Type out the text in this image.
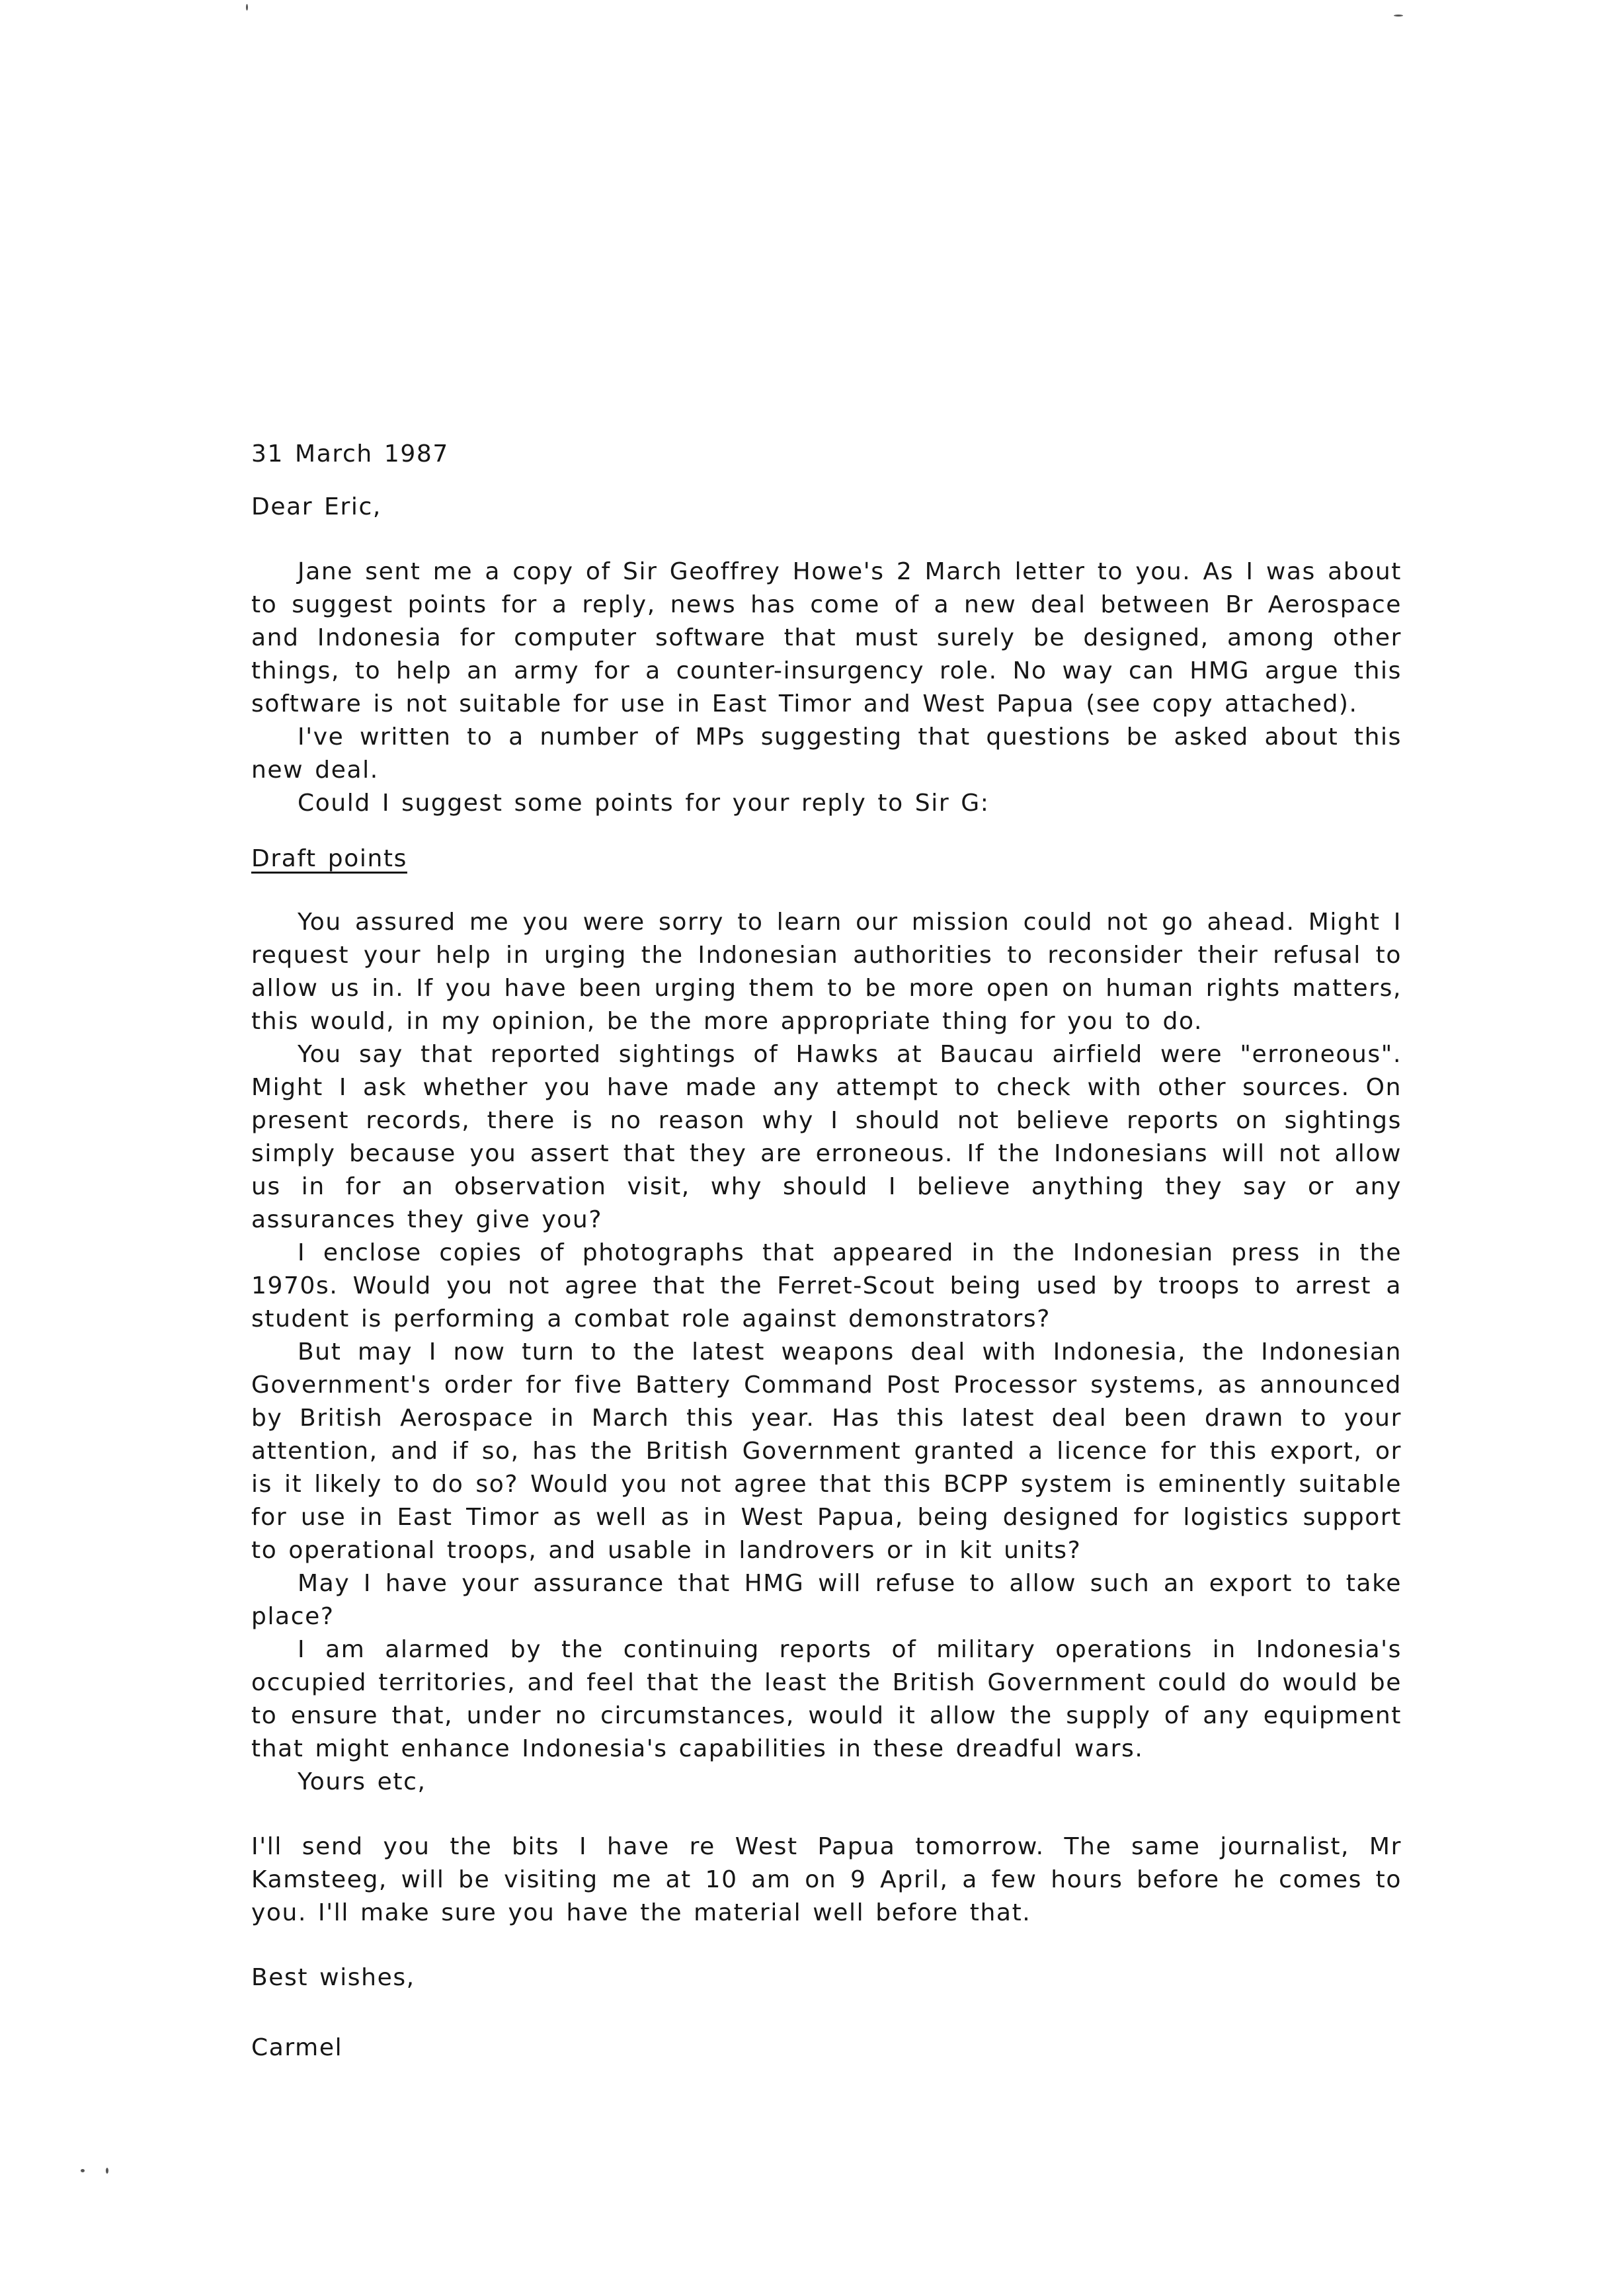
31 March 1987

Dear Eric,

Jane sent me a copy of Sir Geoffrey Howe's 2 March letter to you. As I was about to suggest points for a reply, news has come of a new deal between Br Aerospace and Indonesia for computer software that must surely be designed, among other things, to help an army for a counter-insurgency role. No way can HMG argue this software is not suitable for use in East Timor and West Papua (see copy attached).

I've written to a number of MPs suggesting that questions be asked about this new deal.

Could I suggest some points for your reply to Sir G:

Draft points

You assured me you were sorry to learn our mission could not go ahead. Might I request your help in urging the Indonesian authorities to reconsider their refusal to allow us in. If you have been urging them to be more open on human rights matters, this would, in my opinion, be the more appropriate thing for you to do.

You say that reported sightings of Hawks at Baucau airfield were "erroneous". Might I ask whether you have made any attempt to check with other sources. On present records, there is no reason why I should not believe reports on sightings simply because you assert that they are erroneous. If the Indonesians will not allow us in for an observation visit, why should I believe anything they say or any assurances they give you?

I enclose copies of photographs that appeared in the Indonesian press in the 1970s. Would you not agree that the Ferret-Scout being used by troops to arrest a student is performing a combat role against demonstrators?

But may I now turn to the latest weapons deal with Indonesia, the Indonesian Government's order for five Battery Command Post Processor systems, as announced by British Aerospace in March this year. Has this latest deal been drawn to your attention, and if so, has the British Government granted a licence for this export, or is it likely to do so? Would you not agree that this BCPP system is eminently suitable for use in East Timor as well as in West Papua, being designed for logistics support to operational troops, and usable in landrovers or in kit units?

May I have your assurance that HMG will refuse to allow such an export to take place?

I am alarmed by the continuing reports of military operations in Indonesia's occupied territories, and feel that the least the British Government could do would be to ensure that, under no circumstances, would it allow the supply of any equipment that might enhance Indonesia's capabilities in these dreadful wars.

Yours etc,

I'll send you the bits I have re West Papua tomorrow. The same journalist, Mr Kamsteeg, will be visiting me at 10 am on 9 April, a few hours before he comes to you. I'll make sure you have the material well before that.

Best wishes,

Carmel
